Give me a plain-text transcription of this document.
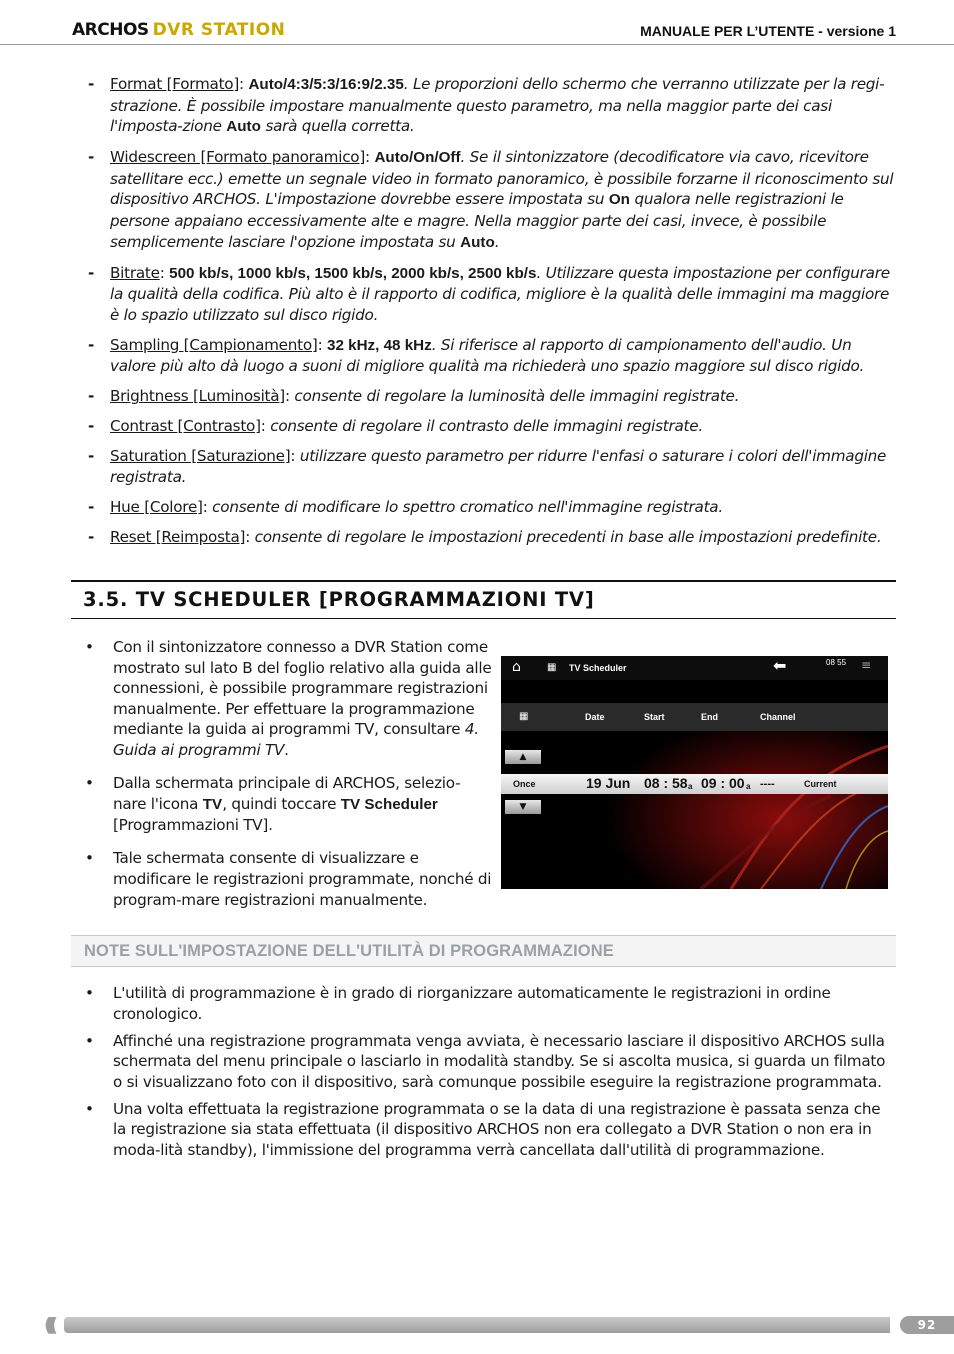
ARCHOS DVR STATION	MANUALE PER L’UTENTE - versione 1
- Format [Formato]: Auto/4:3/5:3/16:9/2.35. Le proporzioni dello schermo che verranno utilizzate per la regi-strazione. È possibile impostare manualmente questo parametro, ma nella maggior parte dei casi l'imposta-zione Auto sarà quella corretta.
- Widescreen [Formato panoramico]: Auto/On/Off. Se il sintonizzatore (decodificatore via cavo, ricevitore satellitare ecc.) emette un segnale video in formato panoramico, è possibile forzarne il riconoscimento sul dispositivo ARCHOS. L'impostazione dovrebbe essere impostata su On qualora nelle registrazioni le persone appaiano eccessivamente alte e magre. Nella maggior parte dei casi, invece, è possibile semplicemente lasciare l'opzione impostata su Auto.
- Bitrate: 500 kb/s, 1000 kb/s, 1500 kb/s, 2000 kb/s, 2500 kb/s. Utilizzare questa impostazione per configurare la qualità della codifica. Più alto è il rapporto di codifica, migliore è la qualità delle immagini ma maggiore è lo spazio utilizzato sul disco rigido.
- Sampling [Campionamento]: 32 kHz, 48 kHz. Si riferisce al rapporto di campionamento dell'audio. Un valore più alto dà luogo a suoni di migliore qualità ma richiederà uno spazio maggiore sul disco rigido.
- Brightness [Luminosità]: consente di regolare la luminosità delle immagini registrate.
- Contrast [Contrasto]: consente di regolare il contrasto delle immagini registrate.
- Saturation [Saturazione]: utilizzare questo parametro per ridurre l'enfasi o saturare i colori dell'immagine registrata.
- Hue [Colore]: consente di modificare lo spettro cromatico nell'immagine registrata.
- Reset [Reimposta]: consente di regolare le impostazioni precedenti in base alle impostazioni predefinite.
3.5. TV SCHEDULER [PROGRAMMAZIONI TV]
• Con il sintonizzatore connesso a DVR Station come mostrato sul lato B del foglio relativo alla guida alle connessioni, è possibile programmare registrazioni manualmente. Per effettuare la programmazione mediante la guida ai programmi TV, consultare 4. Guida ai programmi TV.
• Dalla schermata principale di ARCHOS, selezio-nare l'icona TV, quindi toccare TV Scheduler [Programmazioni TV].
• Tale schermata consente di visualizzare e modificare le registrazioni programmate, nonché di program-mare registrazioni manualmente.
⌂	▦ TV Scheduler	⬅	08 55 ≡
▦	Date	Start	End	Channel
▲
Once	19 Jun 08 : 58 a 09 : 00 a ----	Current
▼
NOTE SULL'IMPOSTAZIONE DELL'UTILITÀ DI PROGRAMMAZIONE
• L'utilità di programmazione è in grado di riorganizzare automaticamente le registrazioni in ordine cronologico.
• Affinché una registrazione programmata venga avviata, è necessario lasciare il dispositivo ARCHOS sulla schermata del menu principale o lasciarlo in modalità standby. Se si ascolta musica, si guarda un filmato o si visualizzano foto con il dispositivo, sarà comunque possibile eseguire la registrazione programmata.
• Una volta effettuata la registrazione programmata o se la data di una registrazione è passata senza che la registrazione sia stata effettuata (il dispositivo ARCHOS non era collegato a DVR Station o non era in moda-lità standby), l'immissione del programma verrà cancellata dall'utilità di programmazione.
(((	92
